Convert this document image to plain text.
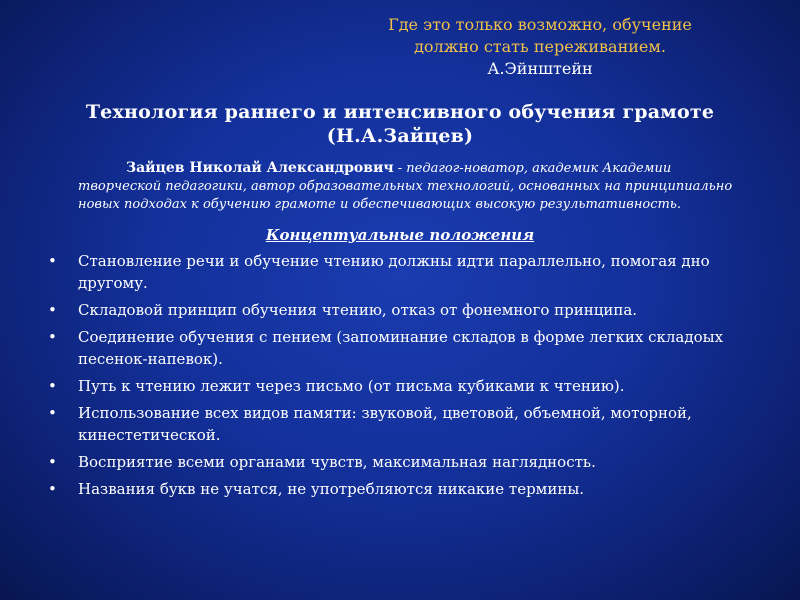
Где это только возможно, обучение
должно стать переживанием.
А.Эйнштейн
Технология раннего и интенсивного обучения грамоте
(Н.А.Зайцев)
Зайцев Николай Александрович - педагог-новатор, академик Академии творческой педагогики, автор образовательных технологий, основанных на принципиально новых подходах к обучению грамоте и обеспечивающих высокую результативность.
Концептуальные положения
•	Становление речи и обучение чтению должны идти параллельно, помогая дно другому.
•	Складовой принцип обучения чтению, отказ от фонемного принципа.
•	Соединение обучения с пением (запоминание складов в форме легких складоых песенок-напевок).
•	Путь к чтению лежит через письмо (от письма кубиками к чтению).
•	Использование всех видов памяти: звуковой, цветовой, объемной, моторной, кинестетической.
•	Восприятие всеми органами чувств, максимальная наглядность.
•	Названия букв не учатся, не употребляются никакие термины.
